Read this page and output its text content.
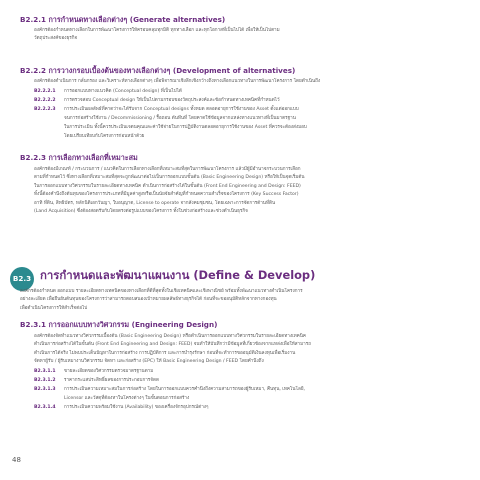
B2.2.1 การกำหนดทางเลือกต่างๆ (Generate alternatives)

องค์กรต้องกำหนดทางเลือกในการพัฒนาโครงการให้ครอบคลุมทุกมิติ ทุกทางเลือก และทุกโอกาสที่เป็นไปได้ เพื่อให้เป็นไปตาม

วัตถุประสงค์ของธุรกิจ

B2.2.2 การวางกรอบเบื้องต้นของทางเลือกต่างๆ (Development of alternatives)
องค์กรต้องดำเนินการ กลั่นกรอง และวิเคราะห์ทางเลือกต่างๆ เพื่อพิจารณาเชิงลึกเชิงกว้างถึงทางเลือกแนวทางในการพัฒนาโครงการ โดยดำเนินถึง
B2.2.2.1 การออกแบบทางแนวคิด (Conceptual design) ที่เป็นไปได้
B2.2.2.2 การตรวจสอบ Conceptual design ให้เป็นไปตามกรอบของวัตถุประสงค์และข้อกำหนดทางเทคนิคที่กำหนดไว้
B2.2.2.3 การประเมินผลลัพธ์ที่คาดว่าจะได้รับจาก Conceptual designs ทั้งหมด ตลอดอายุการใช้งานของ Asset ตั้งแต่ออกแบบ
จนการก่อสร้างใช้งาน / Decommissioning / รื้อถอน ต้นทีนที่ โดยคาดใช้ข้อมูลจากแหล่งทางแนวทางที่เป็นมาตรฐาน
ในการประเมิน ทั้งนี้ควรประเมินเจตนคุณและค่าใช้จ่ายในการปฏิบัติงานตลอดอายุการใช้งานของ Asset ที่ควรจะต้องส่งมอบ
โดยเปรียบเทียบกับโครงการก่อนหน้าด้วย
B2.2.3 การเลือกทางเลือกที่เหมาะสม

องค์กรต้องมีเกณฑ์ / กระบวนการ / แนวคิดในการเลือกทางเลือกที่เหมาะสมที่สุดในการพัฒนาโครงการ แล้วมีผู้มีอำนาจกระบวนการเลือก

ตามที่กำหนดไว้ ซึ่งทางเลือกที่เหมาะสมที่สุดจะถูกพัฒนาต่อไปเป็นการออกแบบขั้นต้น (Basic Engineering Design) หรือให้เป็นจุดเริ่มต้น

ในการออกแบบทางวิศวกรรมในรายละเอียดทางเทคนิค ดำเนินการก่อสร้างได้ในขั้นต้น (Front End Engineering and Design: FEED)

ทั้งนี้ต้องคำนึงถึงต้นทุนของโครงการประเภทที่มีมูลค่าสูงหรือเป็นนัยจัยสำคัญที่กำหนดความสำเร็จของโครงการ (Key Success Factor)

อาทิ ที่ดิน, สิทธิบัตร, หลักนิติเอกวันญา, ใบอนุญาต, License to operate จากสังคมชุมชน, โดยเฉพาะการจัดการด้านที่ดิน

(Land Acquisition) ซึ่งต้องสอดรับกับโดยตรงต่อรูปแบบของโครงการ ทั้งในช่วงก่อสร้างและช่วงดำเนินธุรกิจ

B2.3 การกำหนดและพัฒนาแผนงาน (Define & Develop)

องค์กรต้องกำหนด ออกแบบ รายละเอียดทางเทคนิคของทางเลือกที่ดีที่สุดทั้งในเชิงเทคนิคและเชิงพาณิชย์ พร้อมทั้งพัฒนาแนวทางดำเนินโครงการ

อย่างละเอียด เพื่อยืนยันต้นทุนของโครงการว่าสามารถตอบสนองเป้าหมายผลลัพธ์ทางธุรกิจได้ ก่อนที่จะขออนุมัติหลักจากทางกองทุน

เพื่อดำเนินโครงการให้สำเร็จต่อไป

B2.3.1 การออกแบบทางวิศวกรรม (Engineering Design)

องค์กรต้องจัดทำแนวทางวิศวกรรมเบื้องต้น (Basic Engineering Design) หรือดำเนินการออกแบบทางวิศวกรรมในรายละเอียดทางเทคนิค

ดำเนินการก่อสร้างได้ในขั้นต้น (Front End Engineering and Design: FEED) จนทำให้บันทึกว่ามีข้อมูลที่เกี่ยวข้องจากแหล่งเพื่อให้สามารถ

ดำเนินการได้จริง ไม่พบประเด็นปัญหาในการก่อสร้าง การปฏิบัติการ และการบำรุงรักษา ก่อนที่จะทำการขออนุมัติเงินลงทุนเพื่อเริ่มงาน

จัดหาผู้รับ / ผู้รับเหมางานวิศวกรรม จัดหา และก่อสร้าง (EPC) ให้ Basic Engineering Design / FEED โดยคำนึงถึง

B2.3.1.1 ขายละเอียดของวิศวกรรมตรวจมาตรฐานตาม
B2.3.1.2 ราคากระแสประสิทธิ์ผลของการประกอบการจัดด
B2.3.1.3 การประเมินความเหมาะสมในการก่อสร้าง โดยในการออกแบบควรคำนึงถึงความสามารถของผู้รับเหมา, คืนทุน, เทคโนโลยี,
Licensor และวัสดุที่ต้องหาในโครงต่างๆ ในขั้นตอนการก่อสร้าง
B2.3.1.4 การประเมินความพร้อมใช้งาน (Availability) ของเครื่องจักรอุปกรณ์ต่างๆ
48
